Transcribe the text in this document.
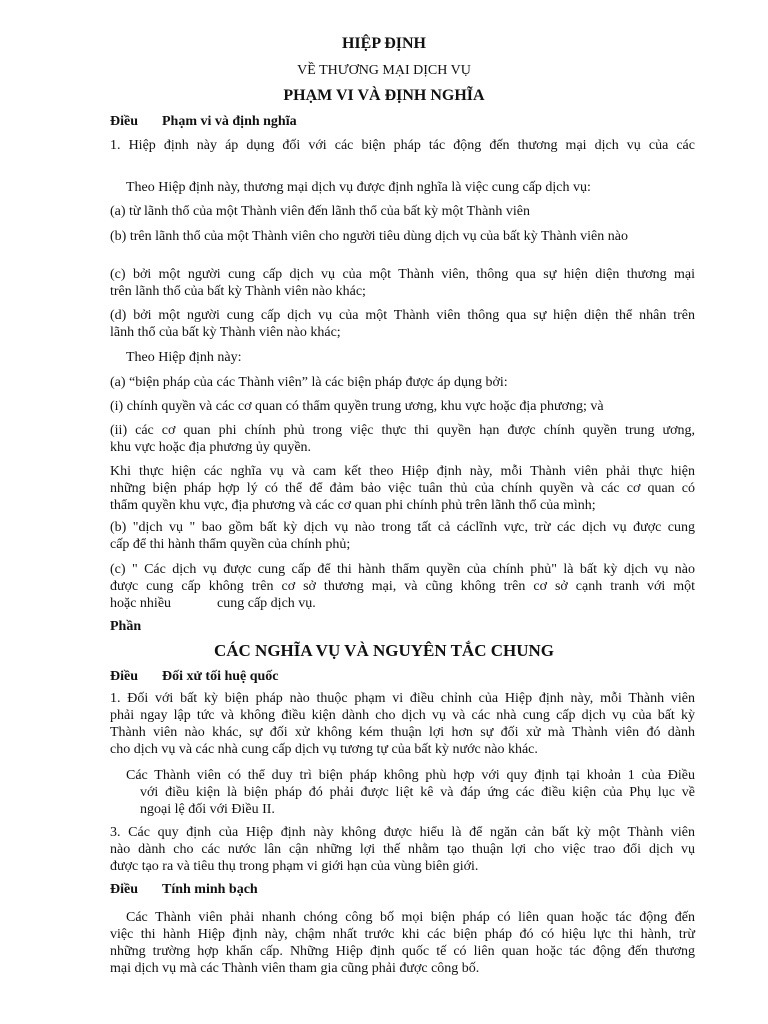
HIỆP ĐỊNH
VỀ THƯƠNG MẠI DỊCH VỤ
PHẠM VI VÀ ĐỊNH NGHĨA
Điều Phạm vi và định nghĩa
1. Hiệp định này áp dụng đối với các biện pháp tác động đến thương mại dịch vụ của các
Theo Hiệp định này, thương mại dịch vụ được định nghĩa là việc cung cấp dịch vụ:
(a) từ lãnh thổ của một Thành viên đến lãnh thổ của bất kỳ một Thành viên
(b) trên lãnh thổ của một Thành viên cho người tiêu dùng dịch vụ của bất kỳ Thành viên nào
(c) bởi một người cung cấp dịch vụ của một Thành viên, thông qua sự hiện diện thương mại
trên lãnh thổ của bất kỳ Thành viên nào khác;
(d) bởi một người cung cấp dịch vụ của một Thành viên thông qua sự hiện diện thể nhân trên
lãnh thổ của bất kỳ Thành viên nào khác;
Theo Hiệp định này:
(a) “biện pháp của các Thành viên” là các biện pháp được áp dụng bởi:
(i) chính quyền và các cơ quan có thẩm quyền trung ương, khu vực hoặc địa phương; và
(ii) các cơ quan phi chính phủ trong việc thực thi quyền hạn được chính quyền trung ương,
khu vực hoặc địa phương ủy quyền.
Khi thực hiện các nghĩa vụ và cam kết theo Hiệp định này, mỗi Thành viên phải thực hiện
những biện pháp hợp lý có thể để đảm bảo việc tuân thủ của chính quyền và các cơ quan có
thẩm quyền khu vực, địa phương và các cơ quan phi chính phủ trên lãnh thổ của mình;
(b) "dịch vụ " bao gồm bất kỳ dịch vụ nào trong tất cả cáclĩnh vực, trừ các dịch vụ được cung
cấp để thi hành thẩm quyền của chính phủ;
(c) " Các dịch vụ được cung cấp để thi hành thẩm quyền của chính phủ" là bất kỳ dịch vụ nào
được cung cấp không trên cơ sở thương mại, và cũng không trên cơ sở cạnh tranh với một
hoặc nhiều	cung cấp dịch vụ.
Phần
CÁC NGHĨA VỤ VÀ NGUYÊN TẮC CHUNG
Điều Đối xử tối huệ quốc
1. Đối với bất kỳ biện pháp nào thuộc phạm vi điều chỉnh của Hiệp định này, mỗi Thành viên
phải ngay lập tức và không điều kiện dành cho dịch vụ và các nhà cung cấp dịch vụ của bất kỳ
Thành viên nào khác, sự đối xử không kém thuận lợi hơn sự đối xử mà Thành viên đó dành
cho dịch vụ và các nhà cung cấp dịch vụ tương tự của bất kỳ nước nào khác.
Các Thành viên có thể duy trì biện pháp không phù hợp với quy định tại khoản 1 của Điều
với điều kiện là biện pháp đó phải được liệt kê và đáp ứng các điều kiện của Phụ lục về
ngoại lệ đối với Điều II.
3. Các quy định của Hiệp định này không được hiểu là để ngăn cản bất kỳ một Thành viên
nào dành cho các nước lân cận những lợi thế nhằm tạo thuận lợi cho việc trao đổi dịch vụ
được tạo ra và tiêu thụ trong phạm vi giới hạn của vùng biên giới.
Điều Tính minh bạch
Các Thành viên phải nhanh chóng công bố mọi biện pháp có liên quan hoặc tác động đến
việc thi hành Hiệp định này, chậm nhất trước khi các biện pháp đó có hiệu lực thi hành, trừ
những trường hợp khẩn cấp. Những Hiệp định quốc tế có liên quan hoặc tác động đến thương
mại dịch vụ mà các Thành viên tham gia cũng phải được công bố.
